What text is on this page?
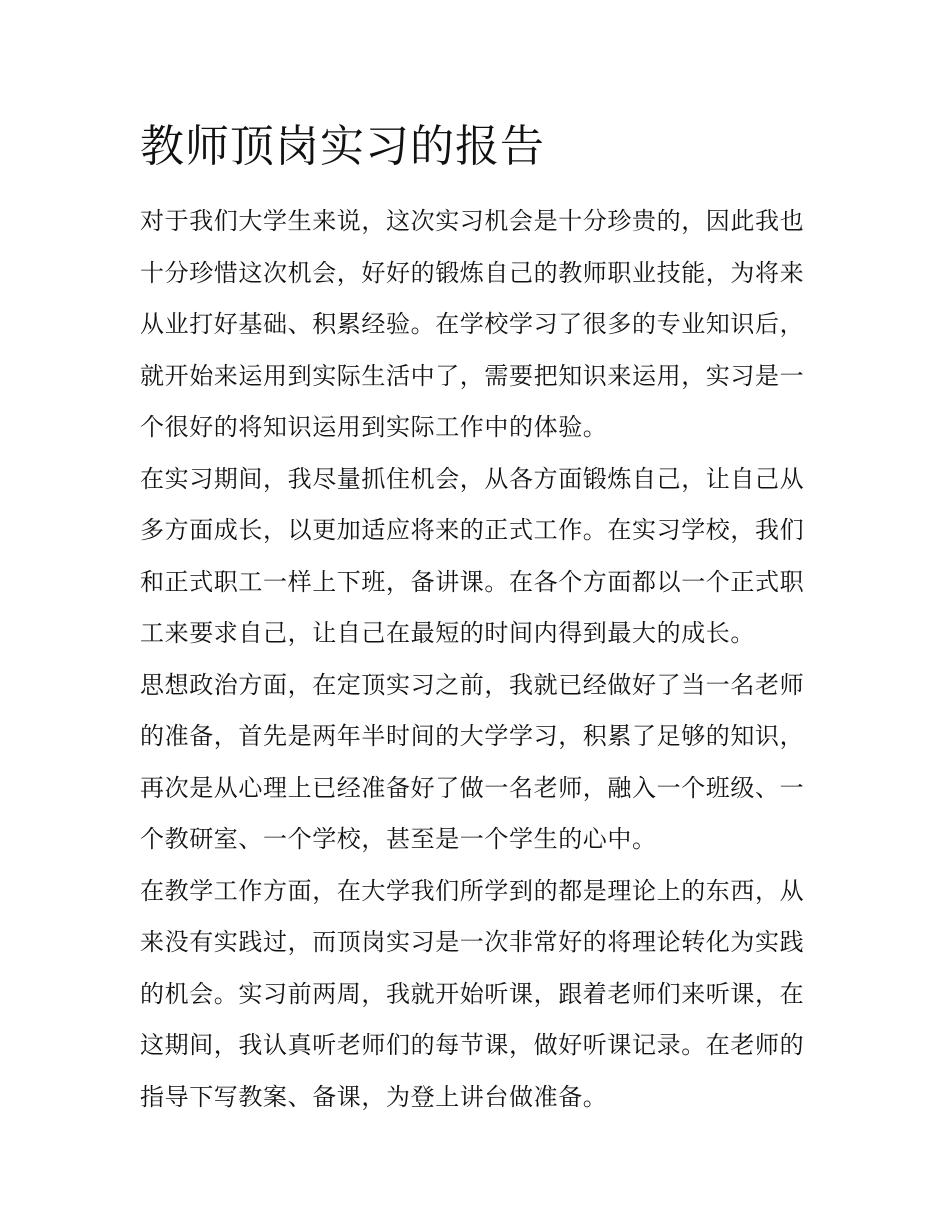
教师顶岗实习的报告
对于我们大学生来说，这次实习机会是十分珍贵的，因此我也
十分珍惜这次机会，好好的锻炼自己的教师职业技能，为将来
从业打好基础、积累经验。在学校学习了很多的专业知识后，
就开始来运用到实际生活中了，需要把知识来运用，实习是一
个很好的将知识运用到实际工作中的体验。
在实习期间，我尽量抓住机会，从各方面锻炼自己，让自己从
多方面成长，以更加适应将来的正式工作。在实习学校，我们
和正式职工一样上下班，备讲课。在各个方面都以一个正式职
工来要求自己，让自己在最短的时间内得到最大的成长。
思想政治方面，在定顶实习之前，我就已经做好了当一名老师
的准备，首先是两年半时间的大学学习，积累了足够的知识，
再次是从心理上已经准备好了做一名老师，融入一个班级、一
个教研室、一个学校，甚至是一个学生的心中。
在教学工作方面，在大学我们所学到的都是理论上的东西，从
来没有实践过，而顶岗实习是一次非常好的将理论转化为实践
的机会。实习前两周，我就开始听课，跟着老师们来听课，在
这期间，我认真听老师们的每节课，做好听课记录。在老师的
指导下写教案、备课，为登上讲台做准备。
